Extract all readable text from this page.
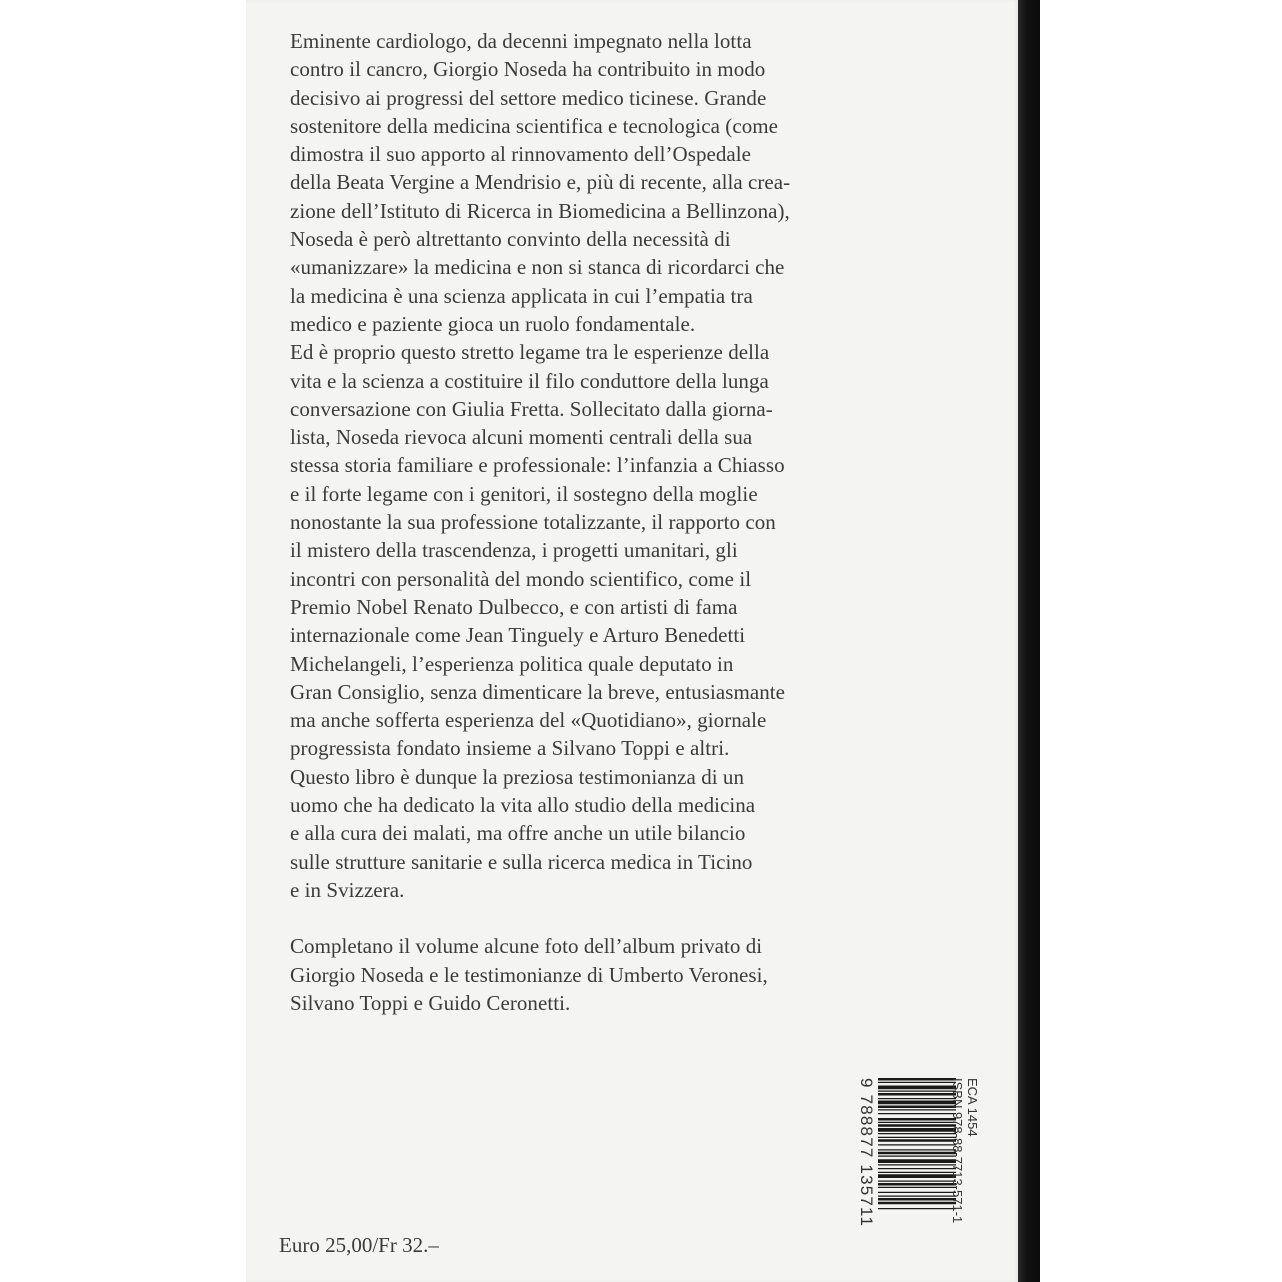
Eminente cardiologo, da decenni impegnato nella lotta
contro il cancro, Giorgio Noseda ha contribuito in modo
decisivo ai progressi del settore medico ticinese. Grande
sostenitore della medicina scientifica e tecnologica (come
dimostra il suo apporto al rinnovamento dell’Ospedale
della Beata Vergine a Mendrisio e, più di recente, alla crea-
zione dell’Istituto di Ricerca in Biomedicina a Bellinzona),
Noseda è però altrettanto convinto della necessità di
«umanizzare» la medicina e non si stanca di ricordarci che
la medicina è una scienza applicata in cui l’empatia tra
medico e paziente gioca un ruolo fondamentale.

Ed è proprio questo stretto legame tra le esperienze della
vita e la scienza a costituire il filo conduttore della lunga
conversazione con Giulia Fretta. Sollecitato dalla giorna-
lista, Noseda rievoca alcuni momenti centrali della sua
stessa storia familiare e professionale: l’infanzia a Chiasso
e il forte legame con i genitori, il sostegno della moglie
nonostante la sua professione totalizzante, il rapporto con
il mistero della trascendenza, i progetti umanitari, gli
incontri con personalità del mondo scientifico, come il
Premio Nobel Renato Dulbecco, e con artisti di fama
internazionale come Jean Tinguely e Arturo Benedetti
Michelangeli, l’esperienza politica quale deputato in
Gran Consiglio, senza dimenticare la breve, entusiasmante
ma anche sofferta esperienza del «Quotidiano», giornale
progressista fondato insieme a Silvano Toppi e altri.

Questo libro è dunque la preziosa testimonianza di un
uomo che ha dedicato la vita allo studio della medicina
e alla cura dei malati, ma offre anche un utile bilancio
sulle strutture sanitarie e sulla ricerca medica in Ticino
e in Svizzera.

Completano il volume alcune foto dell’album privato di
Giorgio Noseda e le testimonianze di Umberto Veronesi,
Silvano Toppi e Guido Ceronetti.

Euro 25,00/Fr 32.–
9 788877 135711	ISBN 978-88-7713-571-1 ECA 1454
